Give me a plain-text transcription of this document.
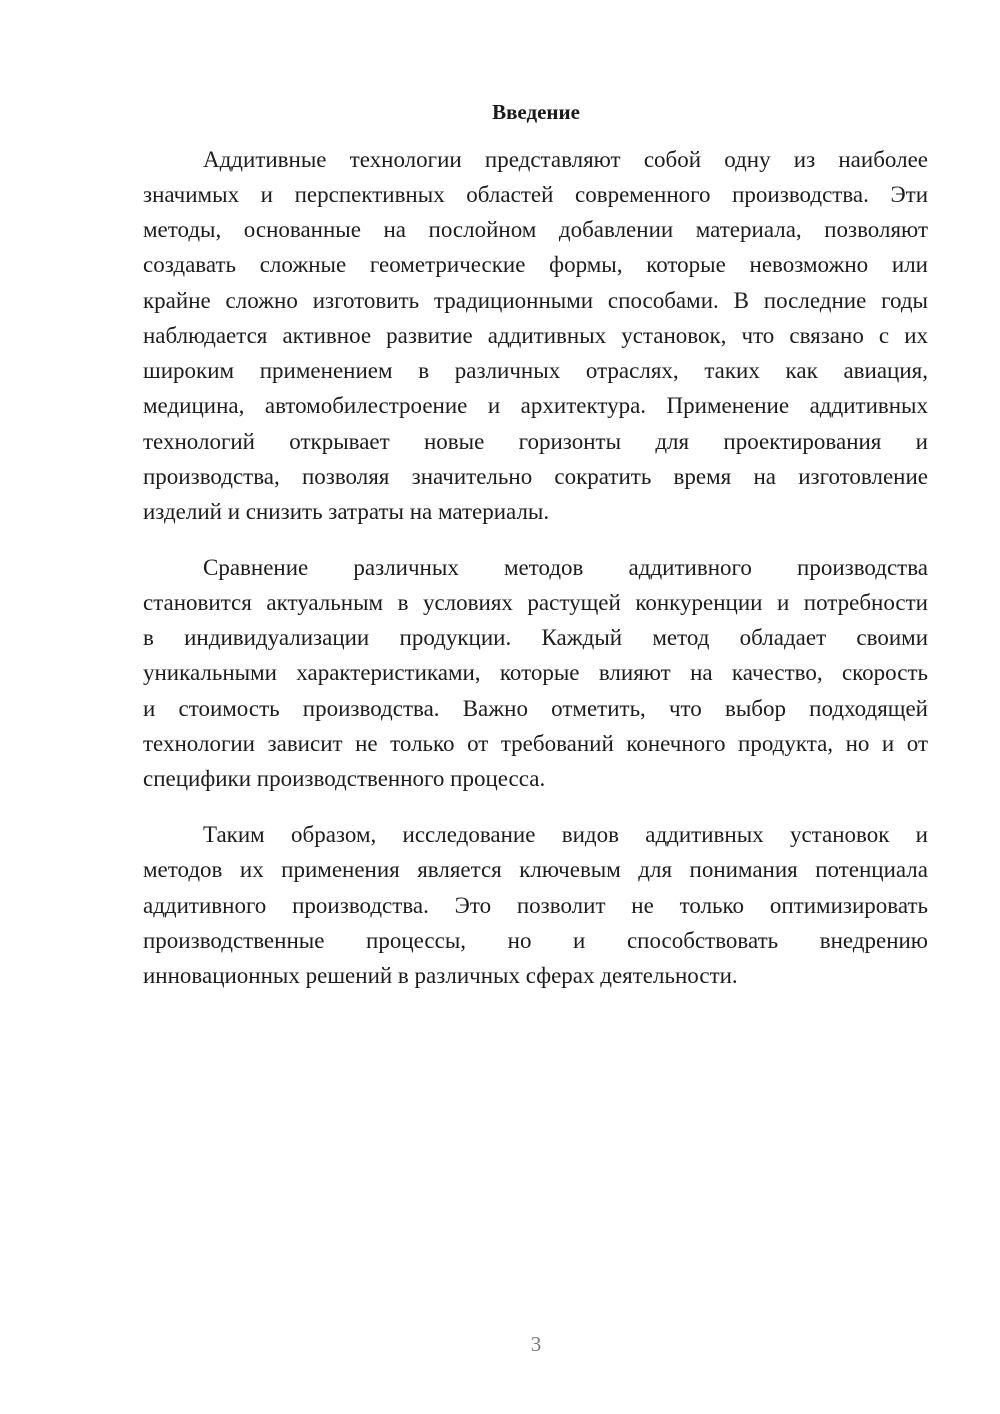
Введение
Аддитивные технологии представляют собой одну из наиболее
значимых и перспективных областей современного производства. Эти
методы, основанные на послойном добавлении материала, позволяют
создавать сложные геометрические формы, которые невозможно или
крайне сложно изготовить традиционными способами. В последние годы
наблюдается активное развитие аддитивных установок, что связано с их
широким применением в различных отраслях, таких как авиация,
медицина, автомобилестроение и архитектура. Применение аддитивных
технологий открывает новые горизонты для проектирования и
производства, позволяя значительно сократить время на изготовление
изделий и снизить затраты на материалы.
Сравнение различных методов аддитивного производства
становится актуальным в условиях растущей конкуренции и потребности
в индивидуализации продукции. Каждый метод обладает своими
уникальными характеристиками, которые влияют на качество, скорость
и стоимость производства. Важно отметить, что выбор подходящей
технологии зависит не только от требований конечного продукта, но и от
специфики производственного процесса.
Таким образом, исследование видов аддитивных установок и
методов их применения является ключевым для понимания потенциала
аддитивного производства. Это позволит не только оптимизировать
производственные процессы, но и способствовать внедрению
инновационных решений в различных сферах деятельности.
3
